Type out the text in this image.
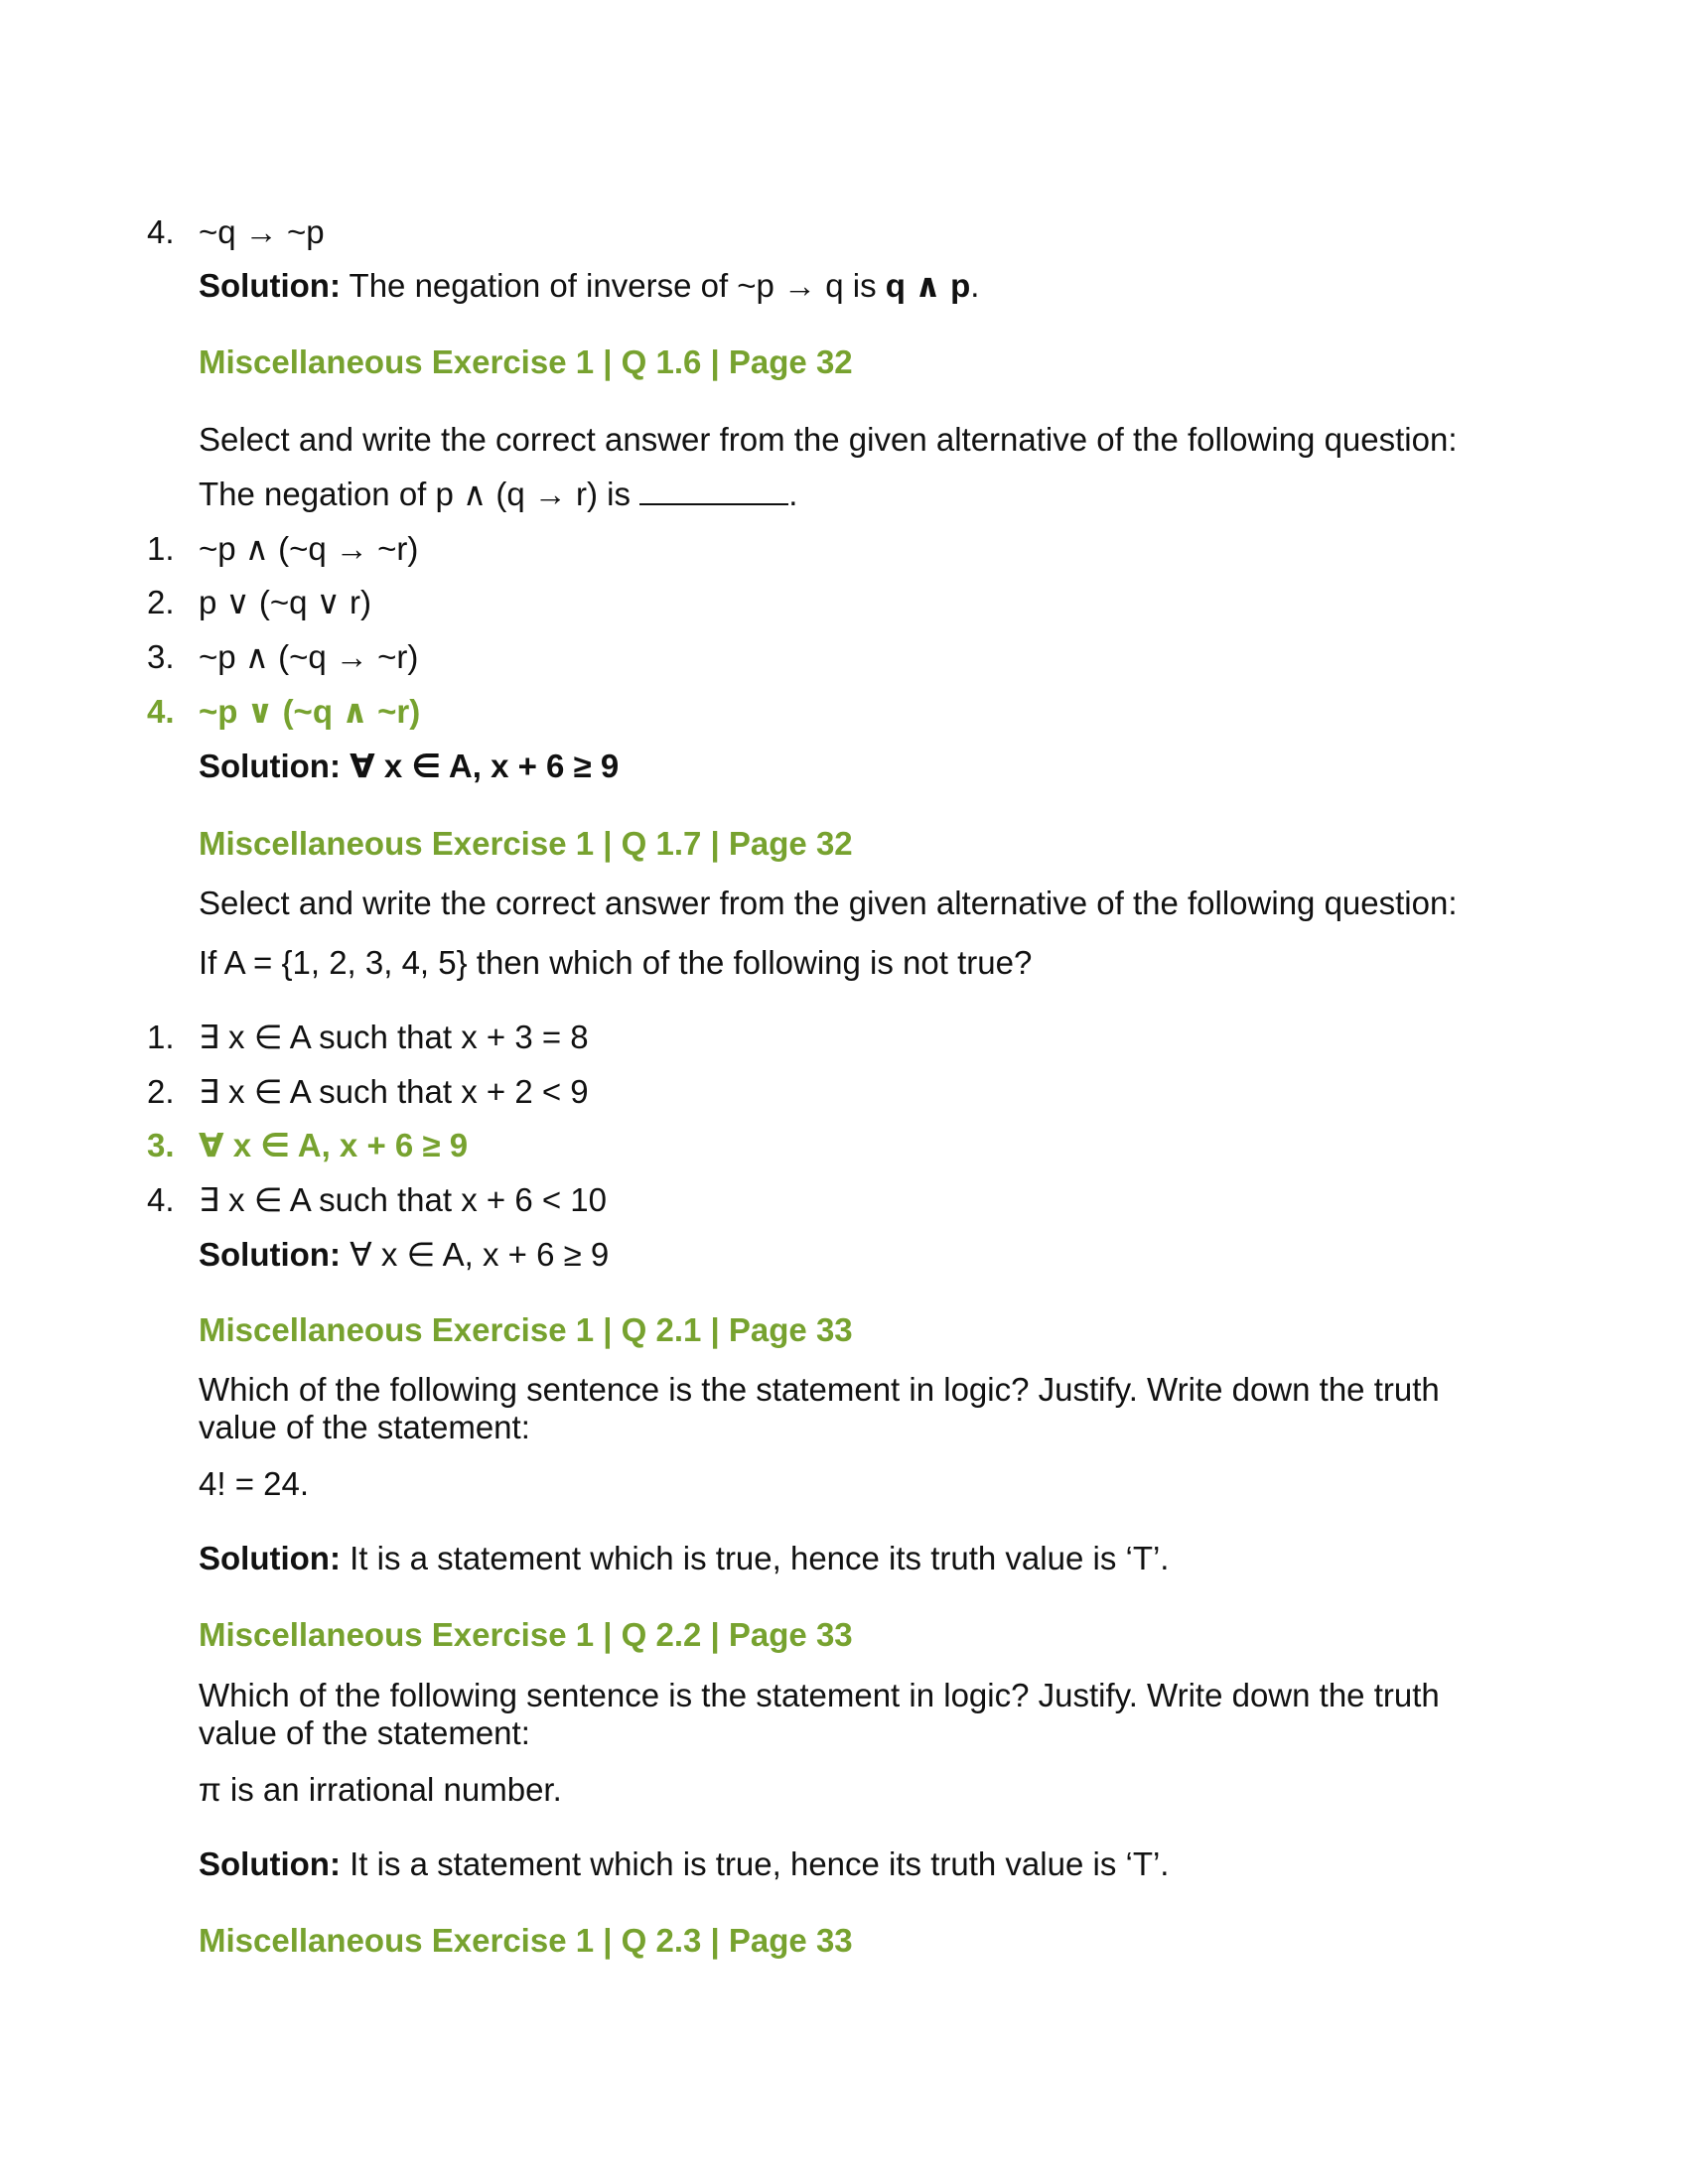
4. ~q → ~p
Solution: The negation of inverse of ~p → q is q ∧ p.
Miscellaneous Exercise 1 | Q 1.6 | Page 32
Select and write the correct answer from the given alternative of the following question:
The negation of p ∧ (q → r) is	.
1. ~p ∧ (~q → ~r)
2. p ∨ (~q ∨ r)
3. ~p ∧ (~q → ~r)
4. ~p ∨ (~q ∧ ~r)
Solution: ∀ x ∈ A, x + 6 ≥ 9
Miscellaneous Exercise 1 | Q 1.7 | Page 32
Select and write the correct answer from the given alternative of the following question:
If A = {1, 2, 3, 4, 5} then which of the following is not true?
1. ∃ x ∈ A such that x + 3 = 8
2. ∃ x ∈ A such that x + 2 < 9
3. ∀ x ∈ A, x + 6 ≥ 9
4. ∃ x ∈ A such that x + 6 < 10
Solution: ∀ x ∈ A, x + 6 ≥ 9
Miscellaneous Exercise 1 | Q 2.1 | Page 33
Which of the following sentence is the statement in logic? Justify. Write down the truth value of the statement:
4! = 24.
Solution: It is a statement which is true, hence its truth value is ‘T’.
Miscellaneous Exercise 1 | Q 2.2 | Page 33
Which of the following sentence is the statement in logic? Justify. Write down the truth value of the statement:
π is an irrational number.
Solution: It is a statement which is true, hence its truth value is ‘T’.
Miscellaneous Exercise 1 | Q 2.3 | Page 33
